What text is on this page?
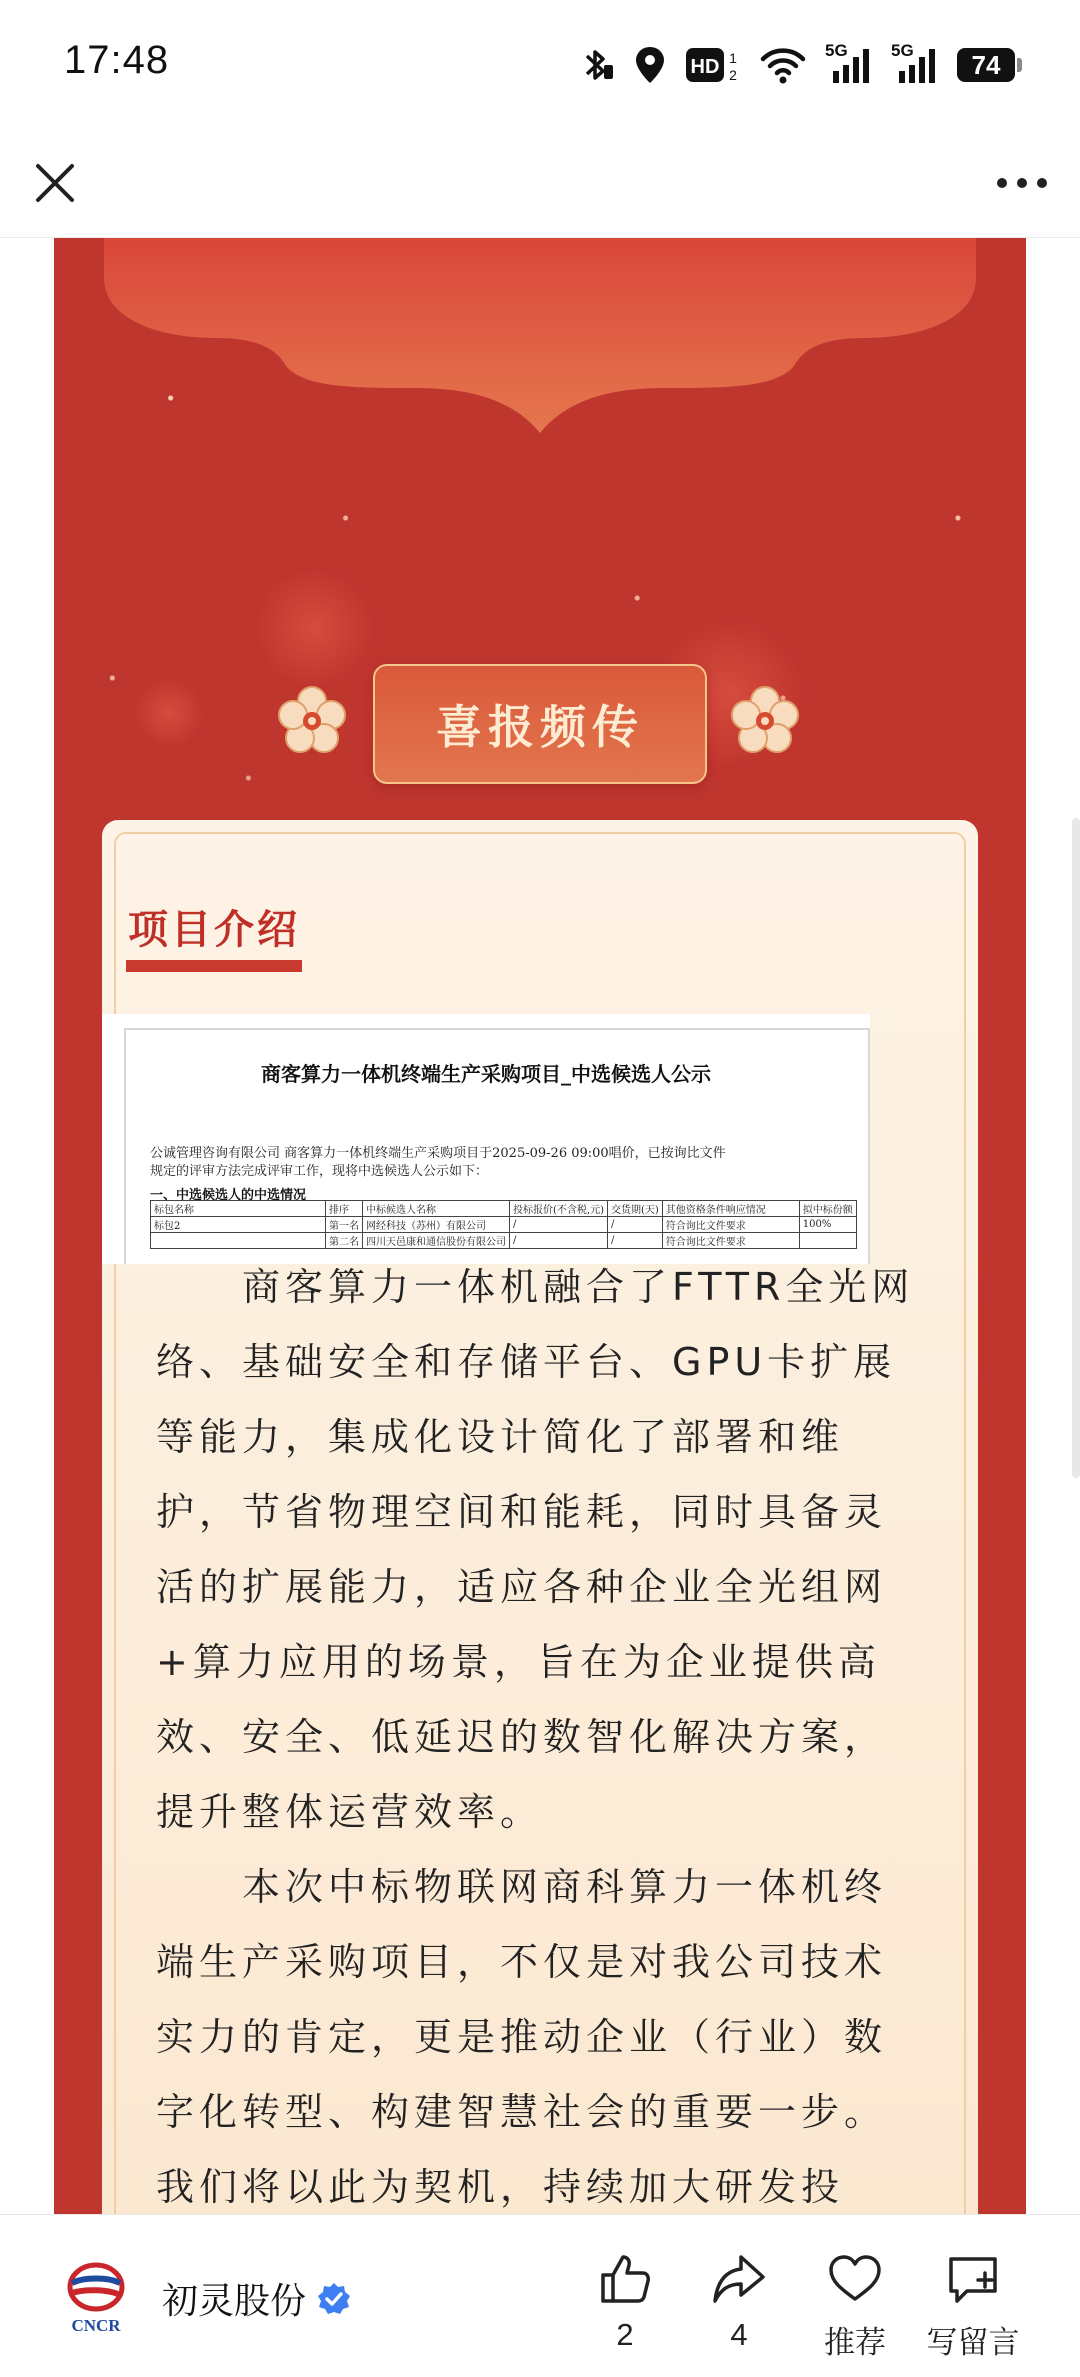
17:48	HD 1
2
5G	5G	74
喜报频传
项目介绍
商客算力一体机终端生产采购项目_中选候选人公示
公诚管理咨询有限公司 商客算力一体机终端生产采购项目于2025-09-26 09:00唱价，已按询比文件
规定的评审方法完成评审工作，现将中选候选人公示如下：
一、中选候选人的中选情况
标包名称	排序	中标候选人名称	投标报价(不含税,元)	交货期(天)	其他资格条件响应情况	拟中标份额
标包2	第一名	网经科技（苏州）有限公司	/	/	符合询比文件要求	100%
	第二名	四川天邑康和通信股份有限公司	/	/	符合询比文件要求	

商客算力一体机融合了FTTR全光网络、基础安全和存储平台、GPU卡扩展等能力，集成化设计简化了部署和维护，节省物理空间和能耗，同时具备灵活的扩展能力，适应各种企业全光组网+算力应用的场景，旨在为企业提供高效、安全、低延迟的数智化解决方案，提升整体运营效率。

本次中标物联网商科算力一体机终端生产采购项目，不仅是对我公司技术实力的肯定，更是推动企业（行业）数字化转型、构建智慧社会的重要一步。我们将以此为契机，持续加大研发投

CNCR
初灵股份
2	4	推荐	写留言
